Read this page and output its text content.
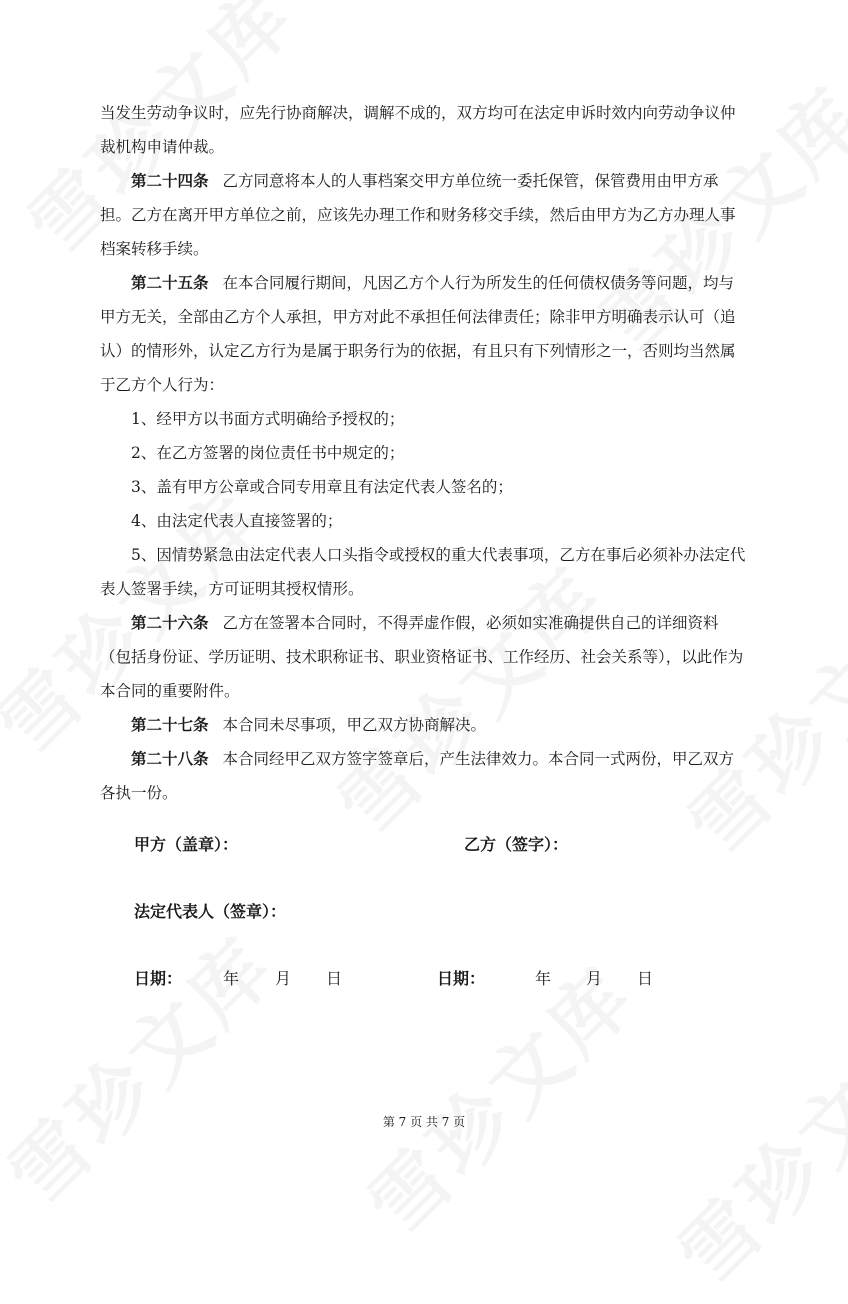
当发生劳动争议时，应先行协商解决，调解不成的，双方均可在法定申诉时效内向劳动争议仲裁机构申请仲裁。

第二十四条 乙方同意将本人的人事档案交甲方单位统一委托保管，保管费用由甲方承担。乙方在离开甲方单位之前，应该先办理工作和财务移交手续，然后由甲方为乙方办理人事档案转移手续。

第二十五条 在本合同履行期间，凡因乙方个人行为所发生的任何债权债务等问题，均与甲方无关，全部由乙方个人承担，甲方对此不承担任何法律责任；除非甲方明确表示认可（追认）的情形外，认定乙方行为是属于职务行为的依据，有且只有下列情形之一，否则均当然属于乙方个人行为：

1、经甲方以书面方式明确给予授权的；

2、在乙方签署的岗位责任书中规定的；

3、盖有甲方公章或合同专用章且有法定代表人签名的；

4、由法定代表人直接签署的；

5、因情势紧急由法定代表人口头指令或授权的重大代表事项，乙方在事后必须补办法定代表人签署手续，方可证明其授权情形。

第二十六条 乙方在签署本合同时，不得弄虚作假，必须如实准确提供自己的详细资料（包括身份证、学历证明、技术职称证书、职业资格证书、工作经历、社会关系等），以此作为本合同的重要附件。

第二十七条 本合同未尽事项，甲乙双方协商解决。

第二十八条 本合同经甲乙双方签字签章后，产生法律效力。本合同一式两份，甲乙双方各执一份。

甲方（盖章）：	乙方（签字）：
法定代表人（签章）：
日期：	年 月 日	日期：	年 月 日
第 7 页 共 7 页
